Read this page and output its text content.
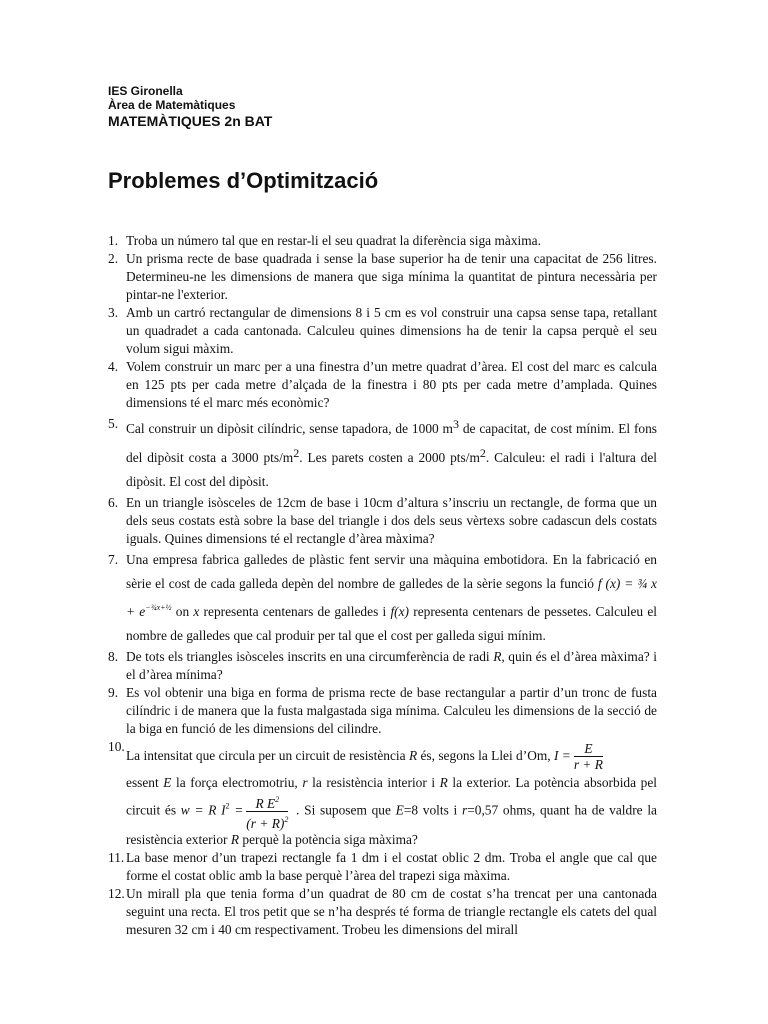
IES Gironella
Àrea de Matemàtiques
MATEMÀTIQUES 2n BAT
Problemes d’Optimització
1. Troba un número tal que en restar-li el seu quadrat la diferència siga màxima.
2. Un prisma recte de base quadrada i sense la base superior ha de tenir una capacitat de 256 litres. Determineu-ne les dimensions de manera que siga mínima la quantitat de pintura necessària per pintar-ne l'exterior.
3. Amb un cartró rectangular de dimensions 8 i 5 cm es vol construir una capsa sense tapa, retallant un quadradet a cada cantonada. Calculeu quines dimensions ha de tenir la capsa perquè el seu volum sigui màxim.
4. Volem construir un marc per a una finestra d’un metre quadrat d’àrea. El cost del marc es calcula en 125 pts per cada metre d’alçada de la finestra i 80 pts per cada metre d’amplada. Quines dimensions té el marc més econòmic?
5. Cal construir un dipòsit cilíndric, sense tapadora, de 1000 m3 de capacitat, de cost mínim. El fons del dipòsit costa a 3000 pts/m2. Les parets costen a 2000 pts/m2. Calculeu: el radi i l'altura del dipòsit. El cost del dipòsit.
6. En un triangle isòsceles de 12cm de base i 10cm d’altura s’inscriu un rectangle, de forma que un dels seus costats està sobre la base del triangle i dos dels seus vèrtexs sobre cadascun dels costats iguals. Quines dimensions té el rectangle d’àrea màxima?
7. Una empresa fabrica galledes de plàstic fent servir una màquina embotidora. En la fabricació en sèrie el cost de cada galleda depèn del nombre de galledes de la sèrie segons la funció f (x) = ¾ $x + e^{-\frac{3}{4}x+\frac{1}{2}}$ on x representa centenars de galledes i f(x) representa centenars de pessetes. Calculeu el nombre de galledes que cal produir per tal que el cost per galleda sigui mínim.
8. De tots els triangles isòsceles inscrits en una circumferència de radi R, quin és el d’àrea màxima? i el d’àrea mínima?
9. Es vol obtenir una biga en forma de prisma recte de base rectangular a partir d’un tronc de fusta cilíndric i de manera que la fusta malgastada siga mínima. Calculeu les dimensions de la secció de la biga en funció de les dimensions del cilindre.
10.
La intensitat que circula per un circuit de resistència R és, segons la Llei d’Om, $I = \frac{E}{r + R}$
essent E la força electromotriu, r la resistència interior i R la exterior. La potència absorbida pel circuit és w = R $I^2 = \frac{R E^2}{(r + R)^2}$ . Si suposem que E=8 volts i r=0,57 ohms, quant ha de valdre la resistència exterior R perquè la potència siga màxima?
11. La base menor d’un trapezi rectangle fa 1 dm i el costat oblic 2 dm. Troba el angle que cal que forme el costat oblic amb la base perquè l’àrea del trapezi siga màxima.
12. Un mirall pla que tenia forma d’un quadrat de 80 cm de costat s’ha trencat per una cantonada seguint una recta. El tros petit que se n’ha després té forma de triangle rectangle els catets del qual mesuren 32 cm i 40 cm respectivament. Trobeu les dimensions del mirall
